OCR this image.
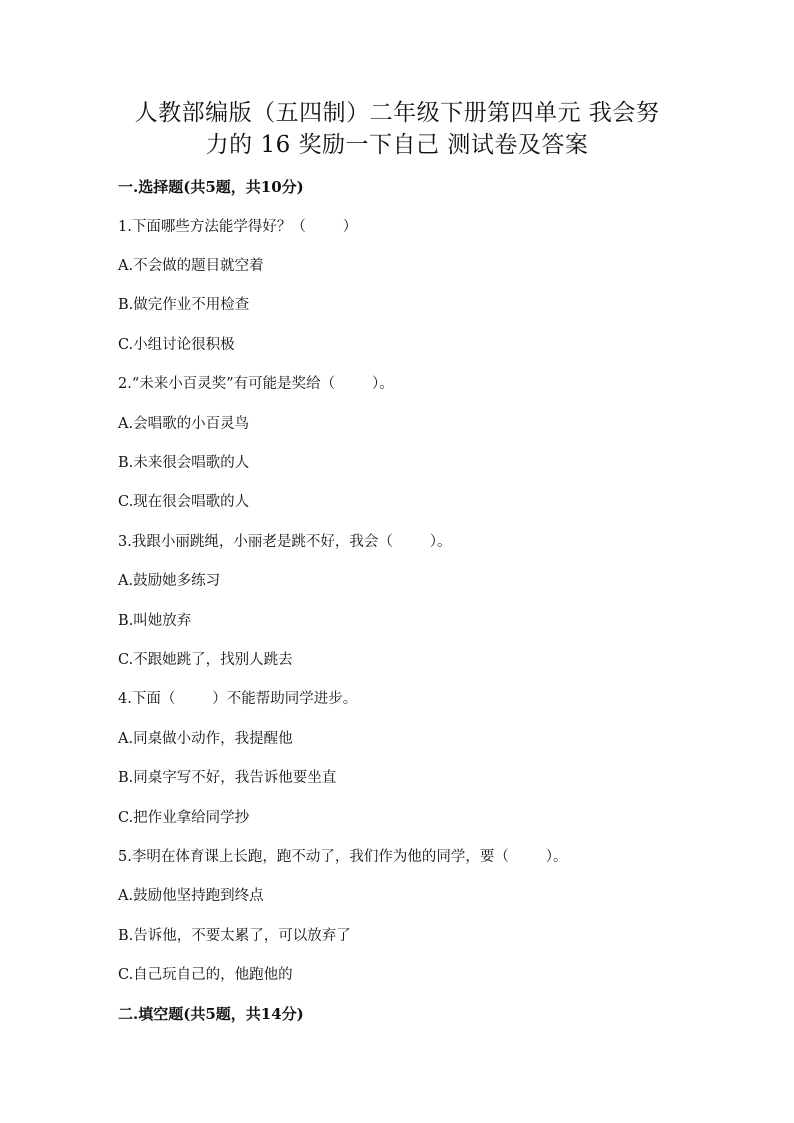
人教部编版（五四制）二年级下册第四单元 我会努
力的 16 奖励一下自己 测试卷及答案
一.选择题(共5题，共10分)

1.下面哪些方法能学得好？（        ）

A.不会做的题目就空着

B.做完作业不用检查

C.小组讨论很积极

2.“未来小百灵奖”有可能是奖给（        ）。

A.会唱歌的小百灵鸟

B.未来很会唱歌的人

C.现在很会唱歌的人

3.我跟小丽跳绳，小丽老是跳不好，我会（        ）。

A.鼓励她多练习

B.叫她放弃

C.不跟她跳了，找别人跳去

4.下面（        ）不能帮助同学进步。

A.同桌做小动作，我提醒他

B.同桌字写不好，我告诉他要坐直

C.把作业拿给同学抄

5.李明在体育课上长跑，跑不动了，我们作为他的同学，要（        ）。

A.鼓励他坚持跑到终点

B.告诉他，不要太累了，可以放弃了

C.自己玩自己的，他跑他的

二.填空题(共5题，共14分)
